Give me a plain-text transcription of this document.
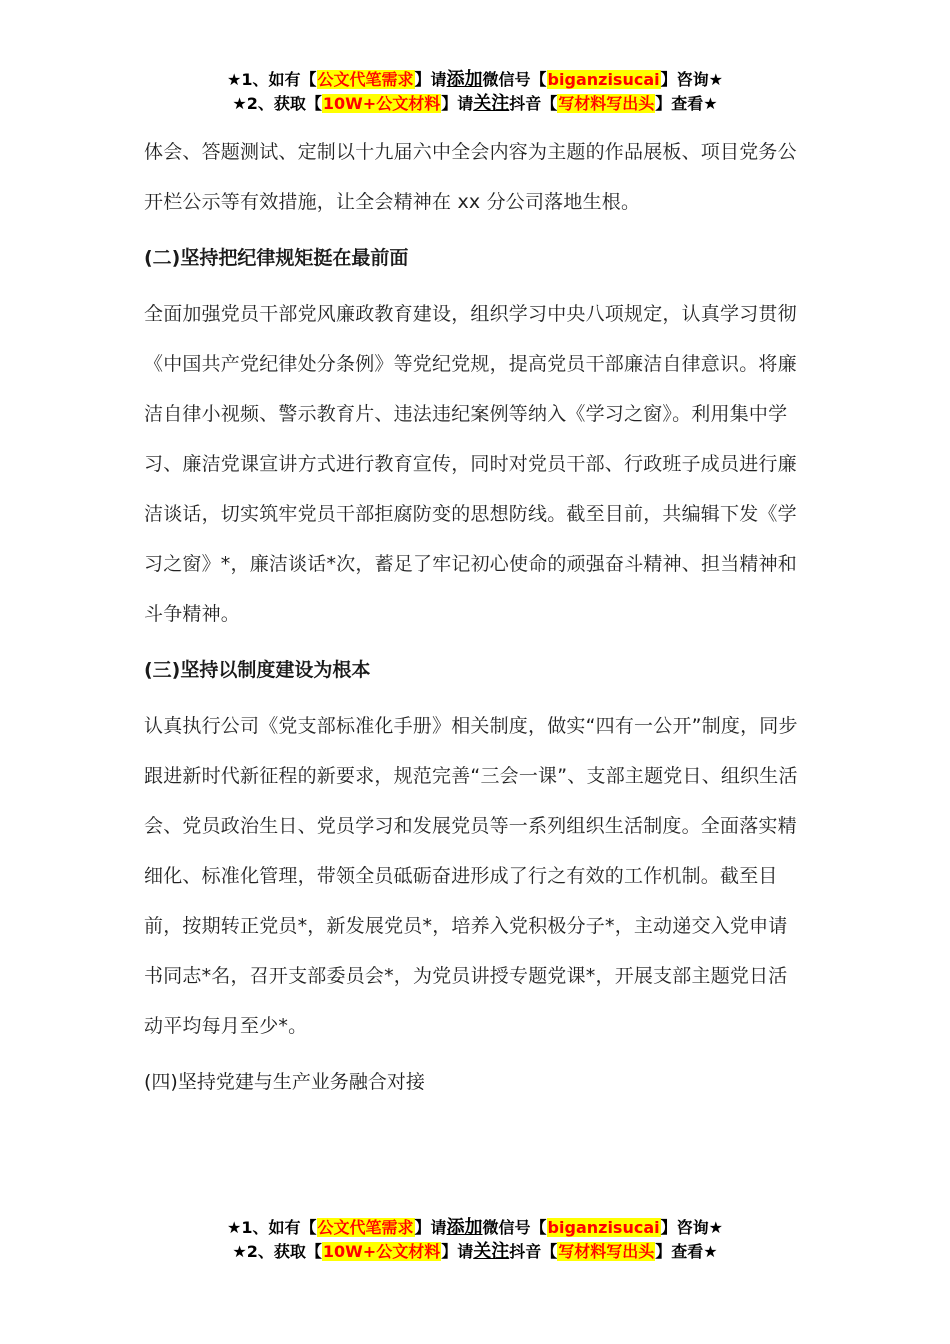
★1、如有【公文代笔需求】请添加微信号【biganzisucai】咨询★
★2、获取【10W+公文材料】请关注抖音【写材料写出头】查看★

体会、答题测试、定制以十九届六中全会内容为主题的作品展板、项目党务公开栏公示等有效措施，让全会精神在 xx 分公司落地生根。

(二)坚持把纪律规矩挺在最前面

全面加强党员干部党风廉政教育建设，组织学习中央八项规定，认真学习贯彻《中国共产党纪律处分条例》等党纪党规，提高党员干部廉洁自律意识。将廉洁自律小视频、警示教育片、违法违纪案例等纳入《学习之窗》。利用集中学习、廉洁党课宣讲方式进行教育宣传，同时对党员干部、行政班子成员进行廉洁谈话，切实筑牢党员干部拒腐防变的思想防线。截至目前，共编辑下发《学习之窗》*，廉洁谈话*次，蓄足了牢记初心使命的顽强奋斗精神、担当精神和斗争精神。

(三)坚持以制度建设为根本

认真执行公司《党支部标准化手册》相关制度，做实“四有一公开”制度，同步跟进新时代新征程的新要求，规范完善“三会一课”、支部主题党日、组织生活会、党员政治生日、党员学习和发展党员等一系列组织生活制度。全面落实精细化、标准化管理，带领全员砥砺奋进形成了行之有效的工作机制。截至目前，按期转正党员*，新发展党员*，培养入党积极分子*，主动递交入党申请书同志*名，召开支部委员会*，为党员讲授专题党课*，开展支部主题党日活动平均每月至少*。

(四)坚持党建与生产业务融合对接

★1、如有【公文代笔需求】请添加微信号【biganzisucai】咨询★
★2、获取【10W+公文材料】请关注抖音【写材料写出头】查看★
